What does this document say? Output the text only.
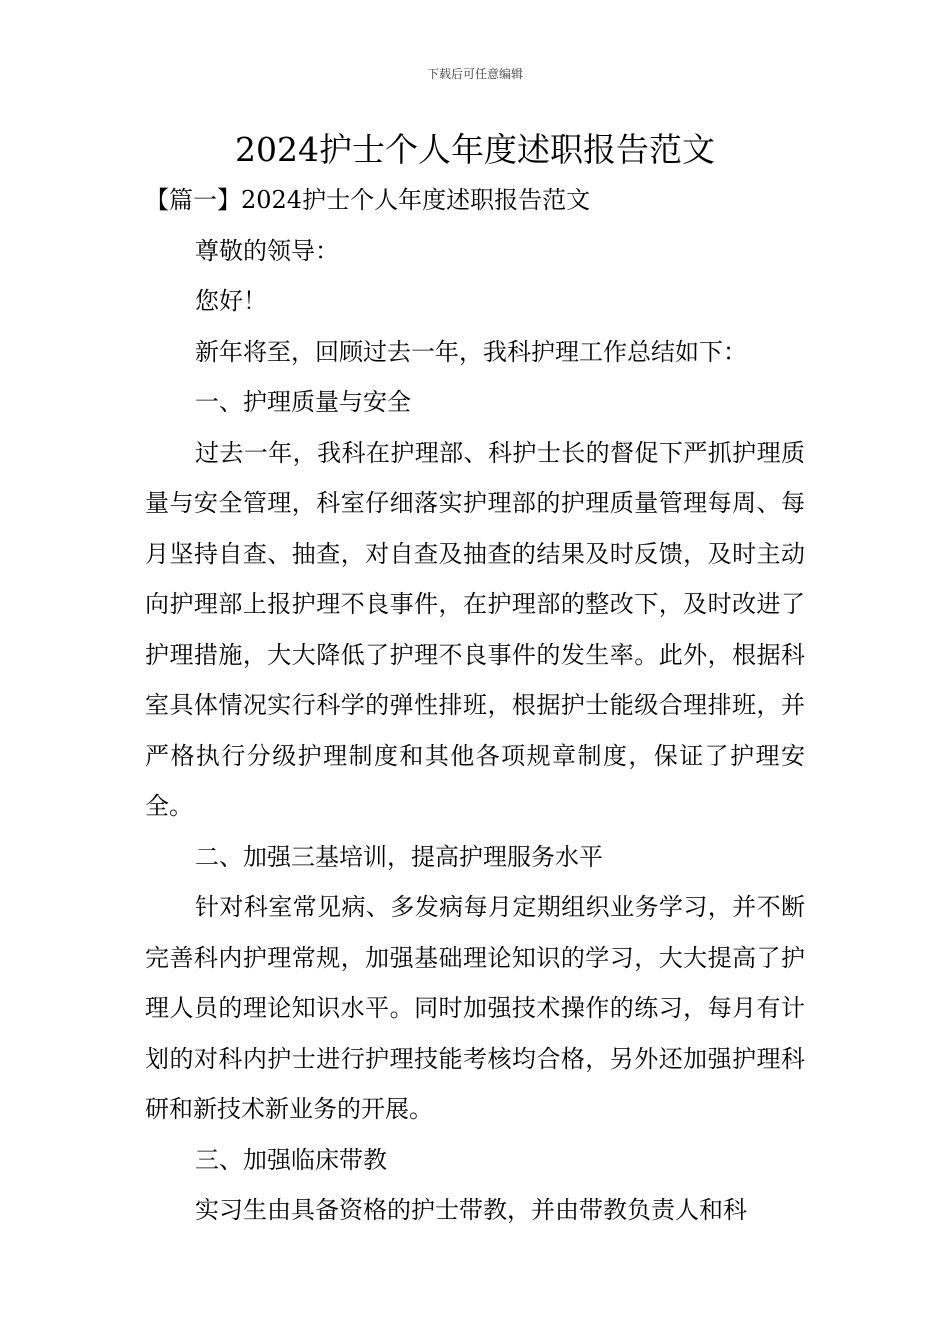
下载后可任意编辑
2024护士个人年度述职报告范文

【篇一】2024护士个人年度述职报告范文

尊敬的领导：

您好！

新年将至，回顾过去一年，我科护理工作总结如下：

一、护理质量与安全

过去一年，我科在护理部、科护士长的督促下严抓护理质量与安全管理，科室仔细落实护理部的护理质量管理每周、每月坚持自查、抽查，对自查及抽查的结果及时反馈，及时主动向护理部上报护理不良事件，在护理部的整改下，及时改进了护理措施，大大降低了护理不良事件的发生率。此外，根据科室具体情况实行科学的弹性排班，根据护士能级合理排班，并严格执行分级护理制度和其他各项规章制度，保证了护理安全。

二、加强三基培训，提高护理服务水平

针对科室常见病、多发病每月定期组织业务学习，并不断完善科内护理常规，加强基础理论知识的学习，大大提高了护理人员的理论知识水平。同时加强技术操作的练习，每月有计划的对科内护士进行护理技能考核均合格，另外还加强护理科研和新技术新业务的开展。

三、加强临床带教

实习生由具备资格的护士带教，并由带教负责人和科
